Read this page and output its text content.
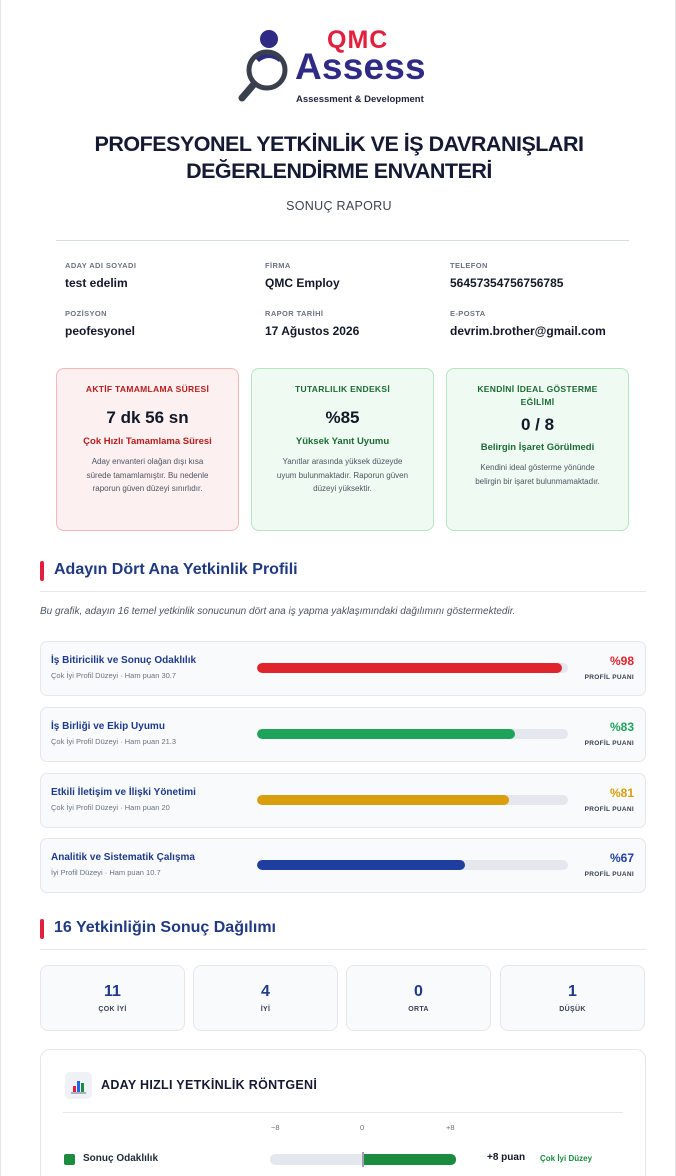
QMC
Assess
Assessment & Development
PROFESYONEL YETKİNLİK VE İŞ DAVRANIŞLARI
DEĞERLENDİRME ENVANTERİ
SONUÇ RAPORU
ADAY ADI SOYADI
test edelim
FİRMA
QMC Employ
TELEFON
56457354756756785
POZİSYON
peofesyonel
RAPOR TARİHİ
17 Ağustos 2026
E-POSTA
devrim.brother@gmail.com
AKTİF TAMAMLAMA SÜRESİ
7 dk 56 sn
Çok Hızlı Tamamlama Süresi
Aday envanteri olağan dışı kısa
sürede tamamlamıştır. Bu nedenle
raporun güven düzeyi sınırlıdır.
TUTARLILIK ENDEKSİ
%85
Yüksek Yanıt Uyumu
Yanıtlar arasında yüksek düzeyde
uyum bulunmaktadır. Raporun güven
düzeyi yüksektir.
KENDİNİ İDEAL GÖSTERME
EĞİLİMİ
0 / 8
Belirgin İşaret Görülmedi
Kendini ideal gösterme yönünde
belirgin bir işaret bulunmamaktadır.
Adayın Dört Ana Yetkinlik Profili
Bu grafik, adayın 16 temel yetkinlik sonucunun dört ana iş yapma yaklaşımındaki dağılımını göstermektedir.
İş Bitiricilik ve Sonuç Odaklılık
Çok İyi Profil Düzeyi · Ham puan 30.7
%98
PROFİL PUANI
İş Birliği ve Ekip Uyumu
Çok İyi Profil Düzeyi · Ham puan 21.3
%83
PROFİL PUANI
Etkili İletişim ve İlişki Yönetimi
Çok İyi Profil Düzeyi · Ham puan 20
%81
PROFİL PUANI
Analitik ve Sistematik Çalışma
İyi Profil Düzeyi · Ham puan 10.7
%67
PROFİL PUANI
16 Yetkinliğin Sonuç Dağılımı
11
ÇOK İYİ
4
İYİ
0
ORTA
1
DÜŞÜK
ADAY HIZLI YETKİNLİK RÖNTGENİ
−8	0	+8
Sonuç Odaklılık	+8 puan Çok İyi Düzey
